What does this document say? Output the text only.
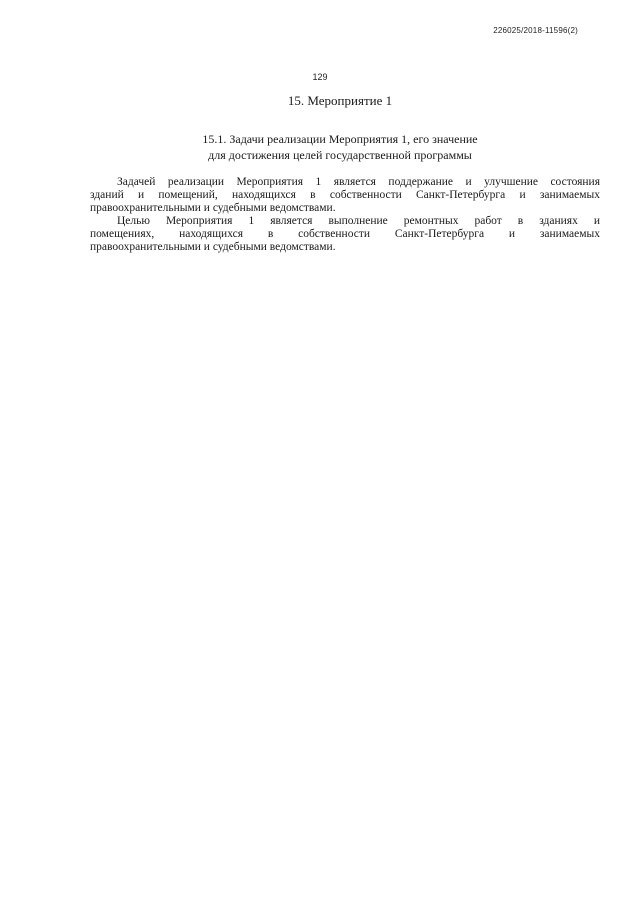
226025/2018-11596(2)
129
15. Мероприятие 1
15.1. Задачи реализации Мероприятия 1, его значение
для достижения целей государственной программы

Задачей реализации Мероприятия 1 является поддержание и улучшение состояния
зданий и помещений, находящихся в собственности Санкт-Петербурга и занимаемых
правоохранительными и судебными ведомствами.

Целью Мероприятия 1 является выполнение ремонтных работ в зданиях и
помещениях, находящихся в собственности Санкт-Петербурга и занимаемых
правоохранительными и судебными ведомствами.
